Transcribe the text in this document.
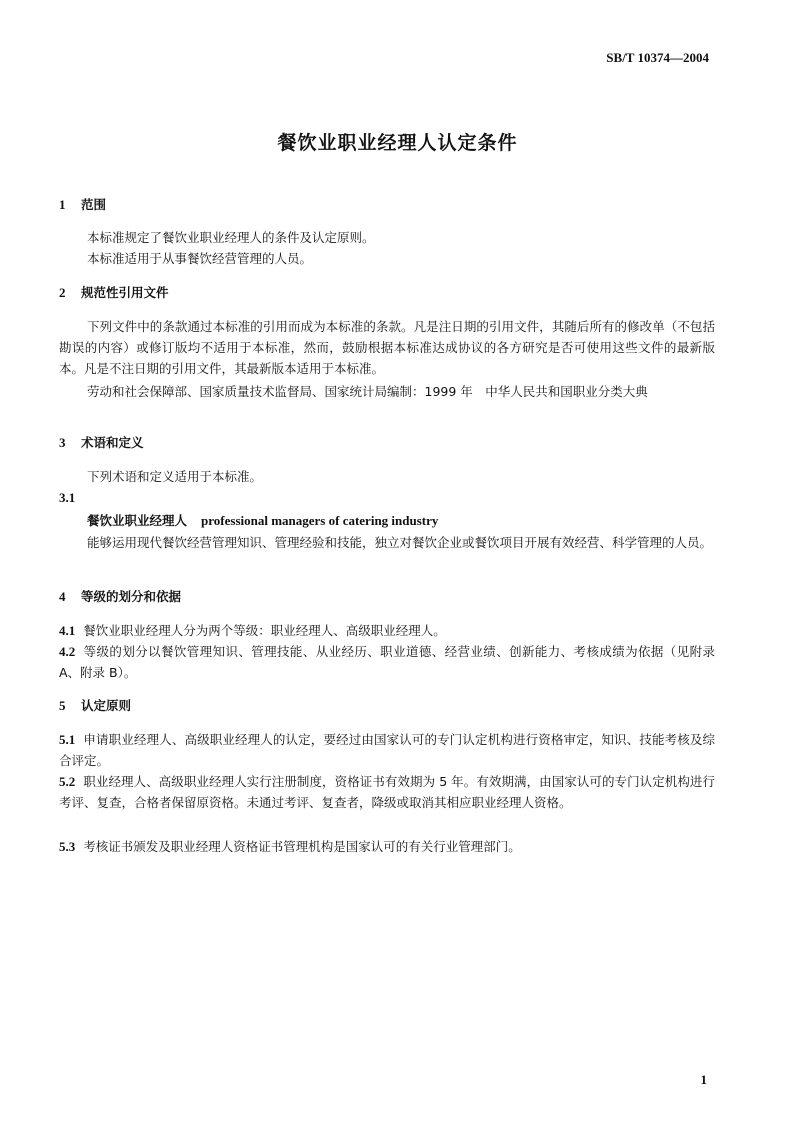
SB/T 10374—2004
餐饮业职业经理人认定条件
1 范围
本标准规定了餐饮业职业经理人的条件及认定原则。
本标准适用于从事餐饮经营管理的人员。
2 规范性引用文件
下列文件中的条款通过本标准的引用而成为本标准的条款。凡是注日期的引用文件，其随后所有的修改单（不包括勘误的内容）或修订版均不适用于本标准，然而，鼓励根据本标准达成协议的各方研究是否可使用这些文件的最新版本。凡是不注日期的引用文件，其最新版本适用于本标准。
劳动和社会保障部、国家质量技术监督局、国家统计局编制：1999 年　中华人民共和国职业分类大典
3 术语和定义
下列术语和定义适用于本标准。
3.1
餐饮业职业经理人 professional managers of catering industry
能够运用现代餐饮经营管理知识、管理经验和技能，独立对餐饮企业或餐饮项目开展有效经营、科学管理的人员。
4 等级的划分和依据
4.1 餐饮业职业经理人分为两个等级：职业经理人、高级职业经理人。
4.2 等级的划分以餐饮管理知识、管理技能、从业经历、职业道德、经营业绩、创新能力、考核成绩为依据（见附录 A、附录 B）。
5 认定原则
5.1 申请职业经理人、高级职业经理人的认定，要经过由国家认可的专门认定机构进行资格审定，知识、技能考核及综合评定。
5.2 职业经理人、高级职业经理人实行注册制度，资格证书有效期为 5 年。有效期满，由国家认可的专门认定机构进行考评、复查，合格者保留原资格。未通过考评、复查者，降级或取消其相应职业经理人资格。
5.3 考核证书颁发及职业经理人资格证书管理机构是国家认可的有关行业管理部门。
1
